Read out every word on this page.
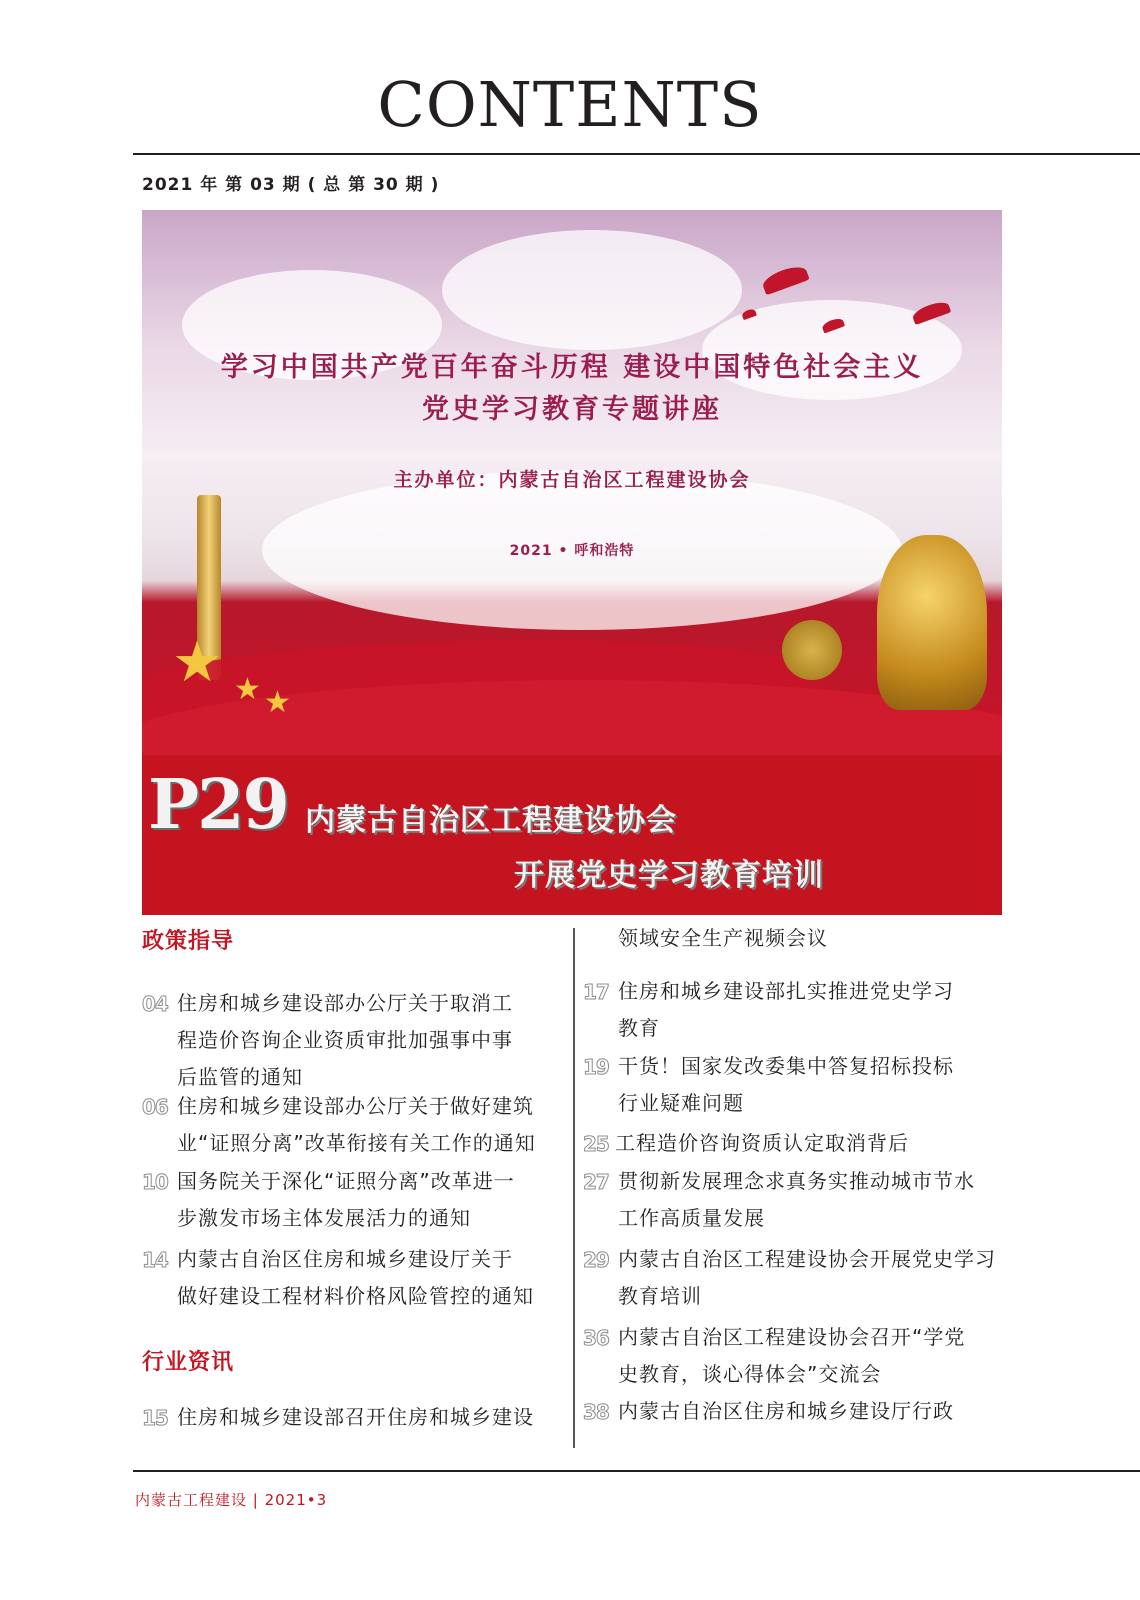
CONTENTS
2021 年 第 03 期 ( 总 第 30 期 )
学习中国共产党百年奋斗历程 建设中国特色社会主义
党史学习教育专题讲座
主办单位：内蒙古自治区工程建设协会
2021 • 呼和浩特
★ ★ ★
P29 内蒙古自治区工程建设协会
开展党史学习教育培训
政策指导
行业资讯
04 住房和城乡建设部办公厅关于取消工
程造价咨询企业资质审批加强事中事
后监管的通知
06 住房和城乡建设部办公厅关于做好建筑
业“证照分离”改革衔接有关工作的通知
10 国务院关于深化“证照分离”改革进一
步激发市场主体发展活力的通知
14 内蒙古自治区住房和城乡建设厅关于
做好建设工程材料价格风险管控的通知
15 住房和城乡建设部召开住房和城乡建设
领域安全生产视频会议
17 住房和城乡建设部扎实推进党史学习
教育
19 干货！国家发改委集中答复招标投标
行业疑难问题
25 工程造价咨询资质认定取消背后
27 贯彻新发展理念求真务实推动城市节水
工作高质量发展
29 内蒙古自治区工程建设协会开展党史学习
教育培训
36 内蒙古自治区工程建设协会召开“学党
史教育，谈心得体会”交流会
38 内蒙古自治区住房和城乡建设厅行政
内蒙古工程建设 | 2021•3
